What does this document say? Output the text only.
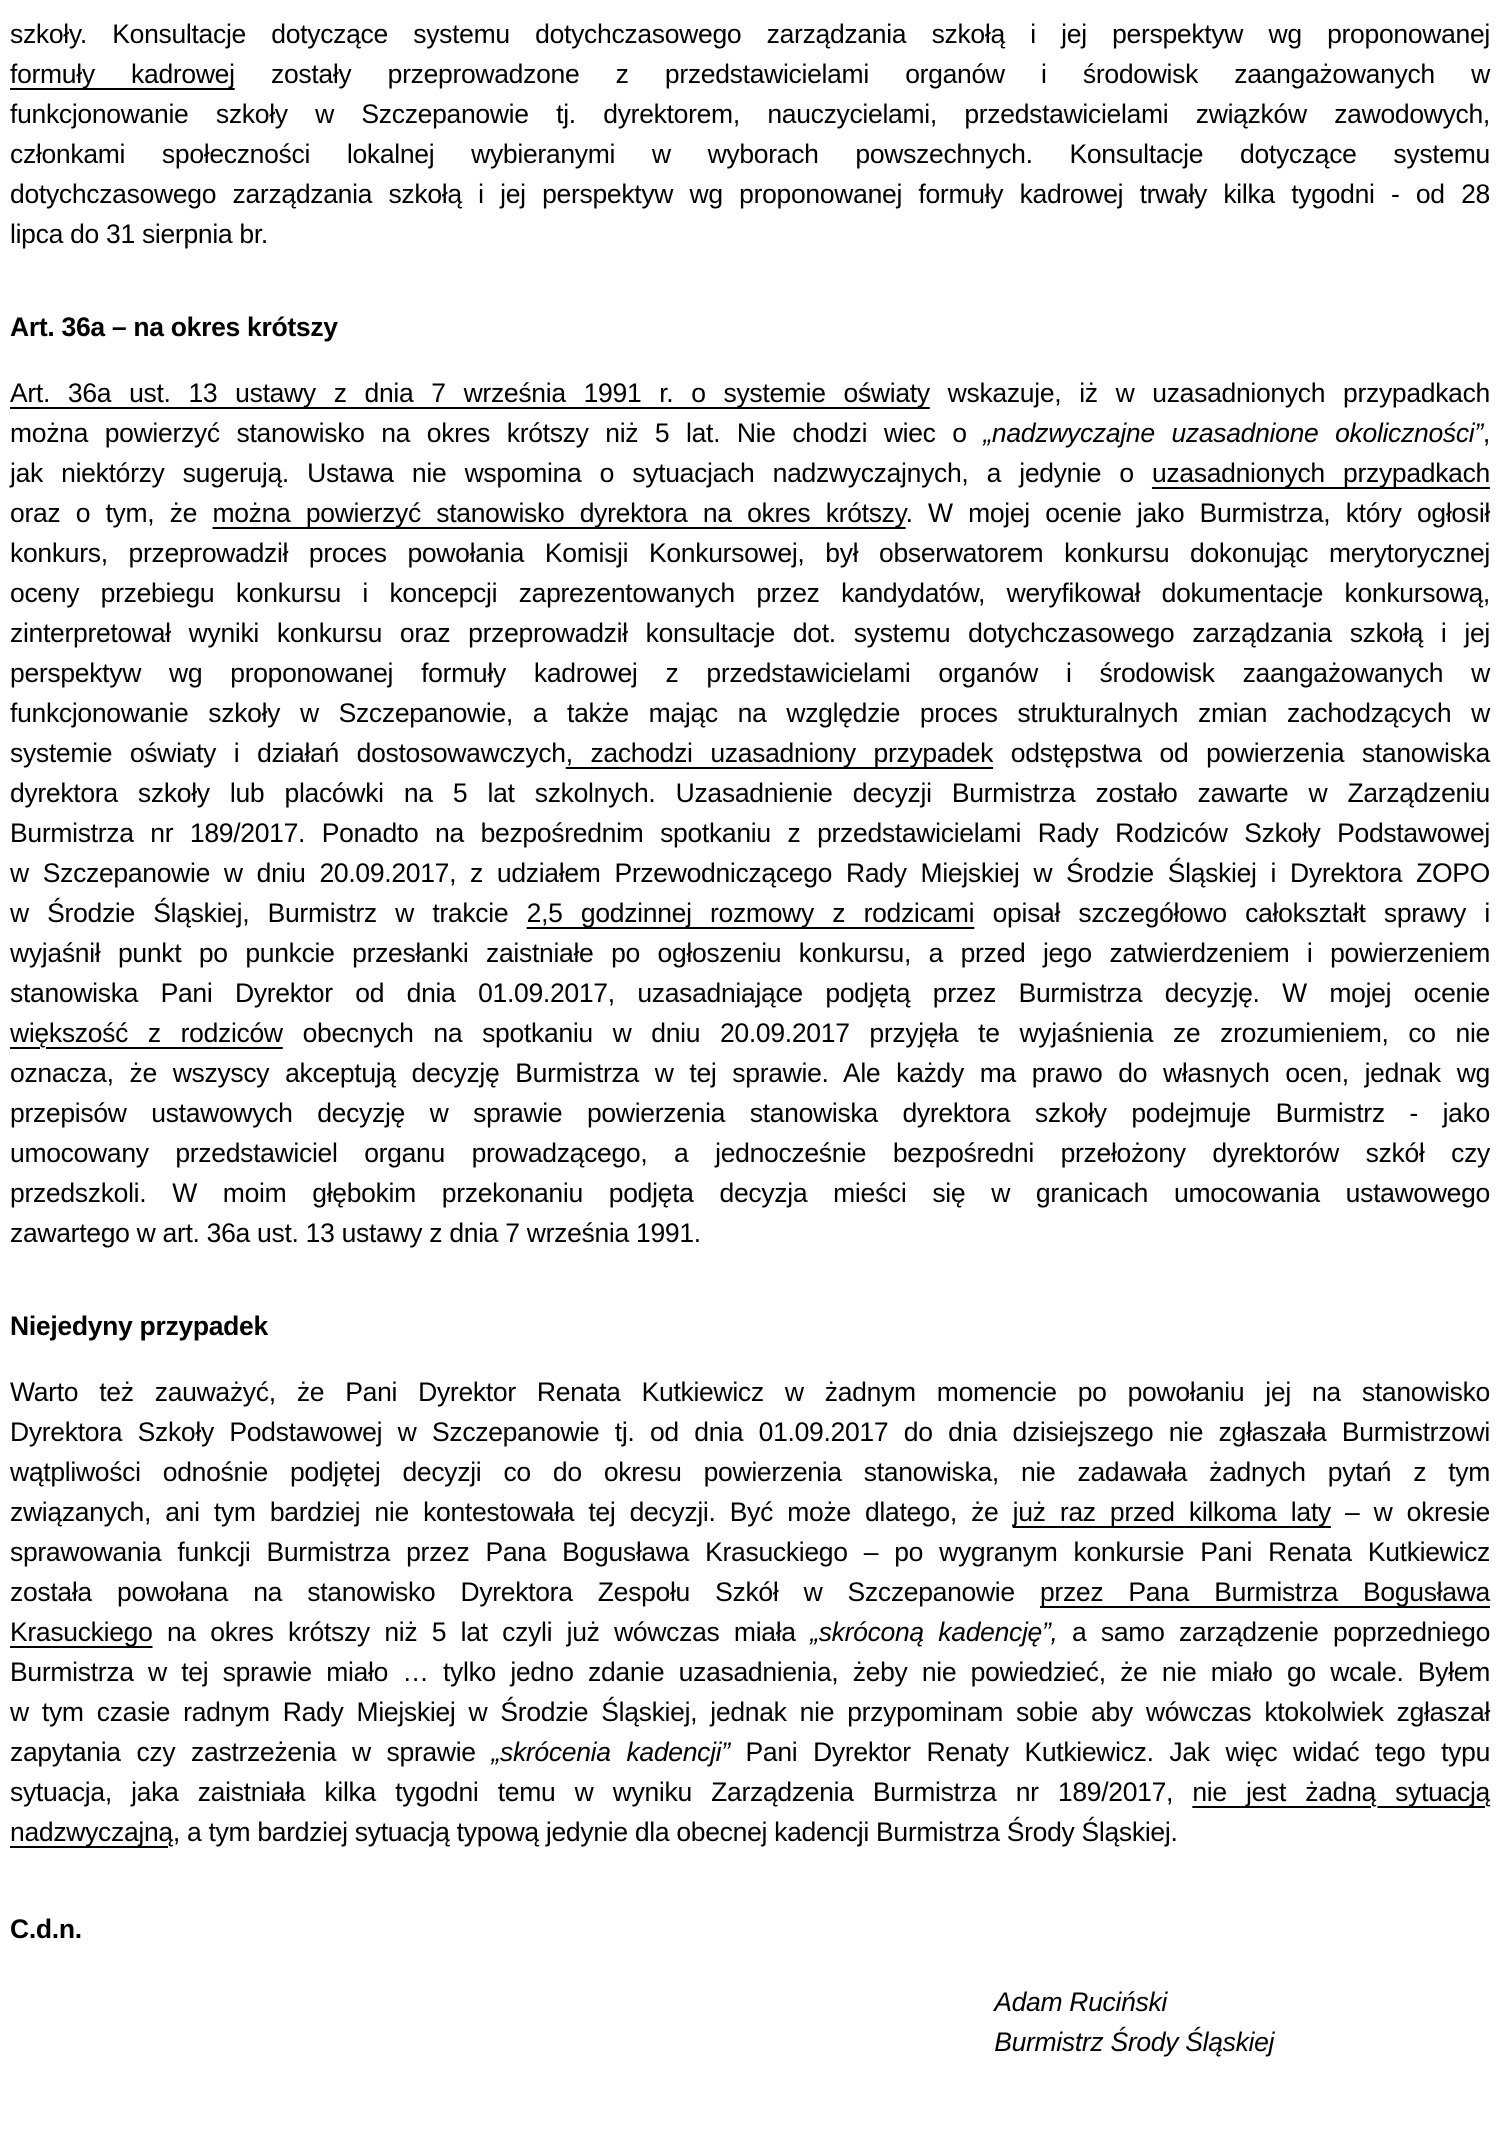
szkoły. Konsultacje dotyczące systemu dotychczasowego zarządzania szkołą i jej perspektyw wg proponowanej
formuły kadrowej zostały przeprowadzone z przedstawicielami organów i środowisk zaangażowanych w
funkcjonowanie szkoły w Szczepanowie tj. dyrektorem, nauczycielami, przedstawicielami związków zawodowych,
członkami społeczności lokalnej wybieranymi w wyborach powszechnych. Konsultacje dotyczące systemu
dotychczasowego zarządzania szkołą i jej perspektyw wg proponowanej formuły kadrowej trwały kilka tygodni - od 28
lipca do 31 sierpnia br.
Art. 36a – na okres krótszy
Art. 36a ust. 13 ustawy z dnia 7 września 1991 r. o systemie oświaty wskazuje, iż w uzasadnionych przypadkach
można powierzyć stanowisko na okres krótszy niż 5 lat. Nie chodzi wiec o „nadzwyczajne uzasadnione okoliczności”,
jak niektórzy sugerują. Ustawa nie wspomina o sytuacjach nadzwyczajnych, a jedynie o uzasadnionych przypadkach
oraz o tym, że można powierzyć stanowisko dyrektora na okres krótszy. W mojej ocenie jako Burmistrza, który ogłosił
konkurs, przeprowadził proces powołania Komisji Konkursowej, był obserwatorem konkursu dokonując merytorycznej
oceny przebiegu konkursu i koncepcji zaprezentowanych przez kandydatów, weryfikował dokumentacje konkursową,
zinterpretował wyniki konkursu oraz przeprowadził konsultacje dot. systemu dotychczasowego zarządzania szkołą i jej
perspektyw wg proponowanej formuły kadrowej z przedstawicielami organów i środowisk zaangażowanych w
funkcjonowanie szkoły w Szczepanowie, a także mając na względzie proces strukturalnych zmian zachodzących w
systemie oświaty i działań dostosowawczych, zachodzi uzasadniony przypadek odstępstwa od powierzenia stanowiska
dyrektora szkoły lub placówki na 5 lat szkolnych. Uzasadnienie decyzji Burmistrza zostało zawarte w Zarządzeniu
Burmistrza nr 189/2017. Ponadto na bezpośrednim spotkaniu z przedstawicielami Rady Rodziców Szkoły Podstawowej
w Szczepanowie w dniu 20.09.2017, z udziałem Przewodniczącego Rady Miejskiej w Środzie Śląskiej i Dyrektora ZOPO
w Środzie Śląskiej, Burmistrz w trakcie 2,5 godzinnej rozmowy z rodzicami opisał szczegółowo całokształt sprawy i
wyjaśnił punkt po punkcie przesłanki zaistniałe po ogłoszeniu konkursu, a przed jego zatwierdzeniem i powierzeniem
stanowiska Pani Dyrektor od dnia 01.09.2017, uzasadniające podjętą przez Burmistrza decyzję. W mojej ocenie
większość z rodziców obecnych na spotkaniu w dniu 20.09.2017 przyjęła te wyjaśnienia ze zrozumieniem, co nie
oznacza, że wszyscy akceptują decyzję Burmistrza w tej sprawie. Ale każdy ma prawo do własnych ocen, jednak wg
przepisów ustawowych decyzję w sprawie powierzenia stanowiska dyrektora szkoły podejmuje Burmistrz - jako
umocowany przedstawiciel organu prowadzącego, a jednocześnie bezpośredni przełożony dyrektorów szkół czy
przedszkoli. W moim głębokim przekonaniu podjęta decyzja mieści się w granicach umocowania ustawowego
zawartego w art. 36a ust. 13 ustawy z dnia 7 września 1991.
Niejedyny przypadek
Warto też zauważyć, że Pani Dyrektor Renata Kutkiewicz w żadnym momencie po powołaniu jej na stanowisko
Dyrektora Szkoły Podstawowej w Szczepanowie tj. od dnia 01.09.2017 do dnia dzisiejszego nie zgłaszała Burmistrzowi
wątpliwości odnośnie podjętej decyzji co do okresu powierzenia stanowiska, nie zadawała żadnych pytań z tym
związanych, ani tym bardziej nie kontestowała tej decyzji. Być może dlatego, że już raz przed kilkoma laty – w okresie
sprawowania funkcji Burmistrza przez Pana Bogusława Krasuckiego – po wygranym konkursie Pani Renata Kutkiewicz
została powołana na stanowisko Dyrektora Zespołu Szkół w Szczepanowie przez Pana Burmistrza Bogusława
Krasuckiego na okres krótszy niż 5 lat czyli już wówczas miała „skróconą kadencję”, a samo zarządzenie poprzedniego
Burmistrza w tej sprawie miało … tylko jedno zdanie uzasadnienia, żeby nie powiedzieć, że nie miało go wcale. Byłem
w tym czasie radnym Rady Miejskiej w Środzie Śląskiej, jednak nie przypominam sobie aby wówczas ktokolwiek zgłaszał
zapytania czy zastrzeżenia w sprawie „skrócenia kadencji” Pani Dyrektor Renaty Kutkiewicz. Jak więc widać tego typu
sytuacja, jaka zaistniała kilka tygodni temu w wyniku Zarządzenia Burmistrza nr 189/2017, nie jest żadną sytuacją
nadzwyczajną, a tym bardziej sytuacją typową jedynie dla obecnej kadencji Burmistrza Środy Śląskiej.
C.d.n.
Adam Ruciński
Burmistrz Środy Śląskiej
